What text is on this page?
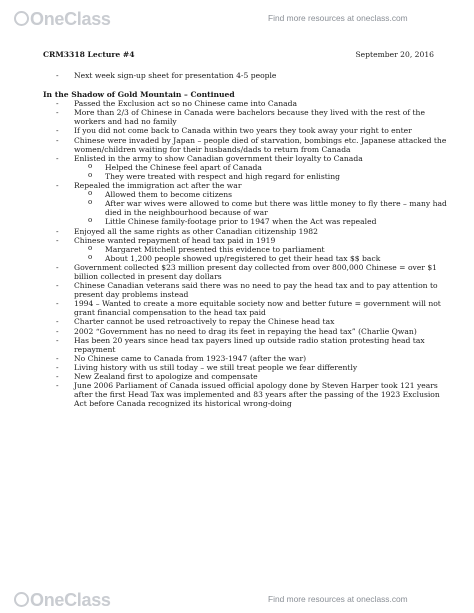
OneClass	Find more resources at oneclass.com
CRM3318 Lecture #4	September 20, 2016
- Next week sign-up sheet for presentation 4-5 people
In the Shadow of Gold Mountain – Continued
- Passed the Exclusion act so no Chinese came into Canada
- More than 2/3 of Chinese in Canada were bachelors because they lived with the rest of the workers and had no family
- If you did not come back to Canada within two years they took away your right to enter
- Chinese were invaded by Japan – people died of starvation, bombings etc. Japanese attacked the women/children waiting for their husbands/dads to return from Canada
- Enlisted in the army to show Canadian government their loyalty to Canada
o Helped the Chinese feel apart of Canada
o They were treated with respect and high regard for enlisting
- Repealed the immigration act after the war
o Allowed them to become citizens
o After war wives were allowed to come but there was little money to fly there – many had died in the neighbourhood because of war
o Little Chinese family-footage prior to 1947 when the Act was repealed
- Enjoyed all the same rights as other Canadian citizenship 1982
- Chinese wanted repayment of head tax paid in 1919
o Margaret Mitchell presented this evidence to parliament
o About 1,200 people showed up/registered to get their head tax $$ back
- Government collected $23 million present day collected from over 800,000 Chinese = over $1 billion collected in present day dollars
- Chinese Canadian veterans said there was no need to pay the head tax and to pay attention to present day problems instead
- 1994 – Wanted to create a more equitable society now and better future = government will not grant financial compensation to the head tax paid
- Charter cannot be used retroactively to repay the Chinese head tax
- 2002 “Government has no need to drag its feet in repaying the head tax” (Charlie Qwan)
- Has been 20 years since head tax payers lined up outside radio station protesting head tax repayment
- No Chinese came to Canada from 1923-1947 (after the war)
- Living history with us still today – we still treat people we fear differently
- New Zealand first to apologize and compensate
- June 2006 Parliament of Canada issued official apology done by Steven Harper took 121 years after the first Head Tax was implemented and 83 years after the passing of the 1923 Exclusion Act before Canada recognized its historical wrong-doing
OneClass	Find more resources at oneclass.com
